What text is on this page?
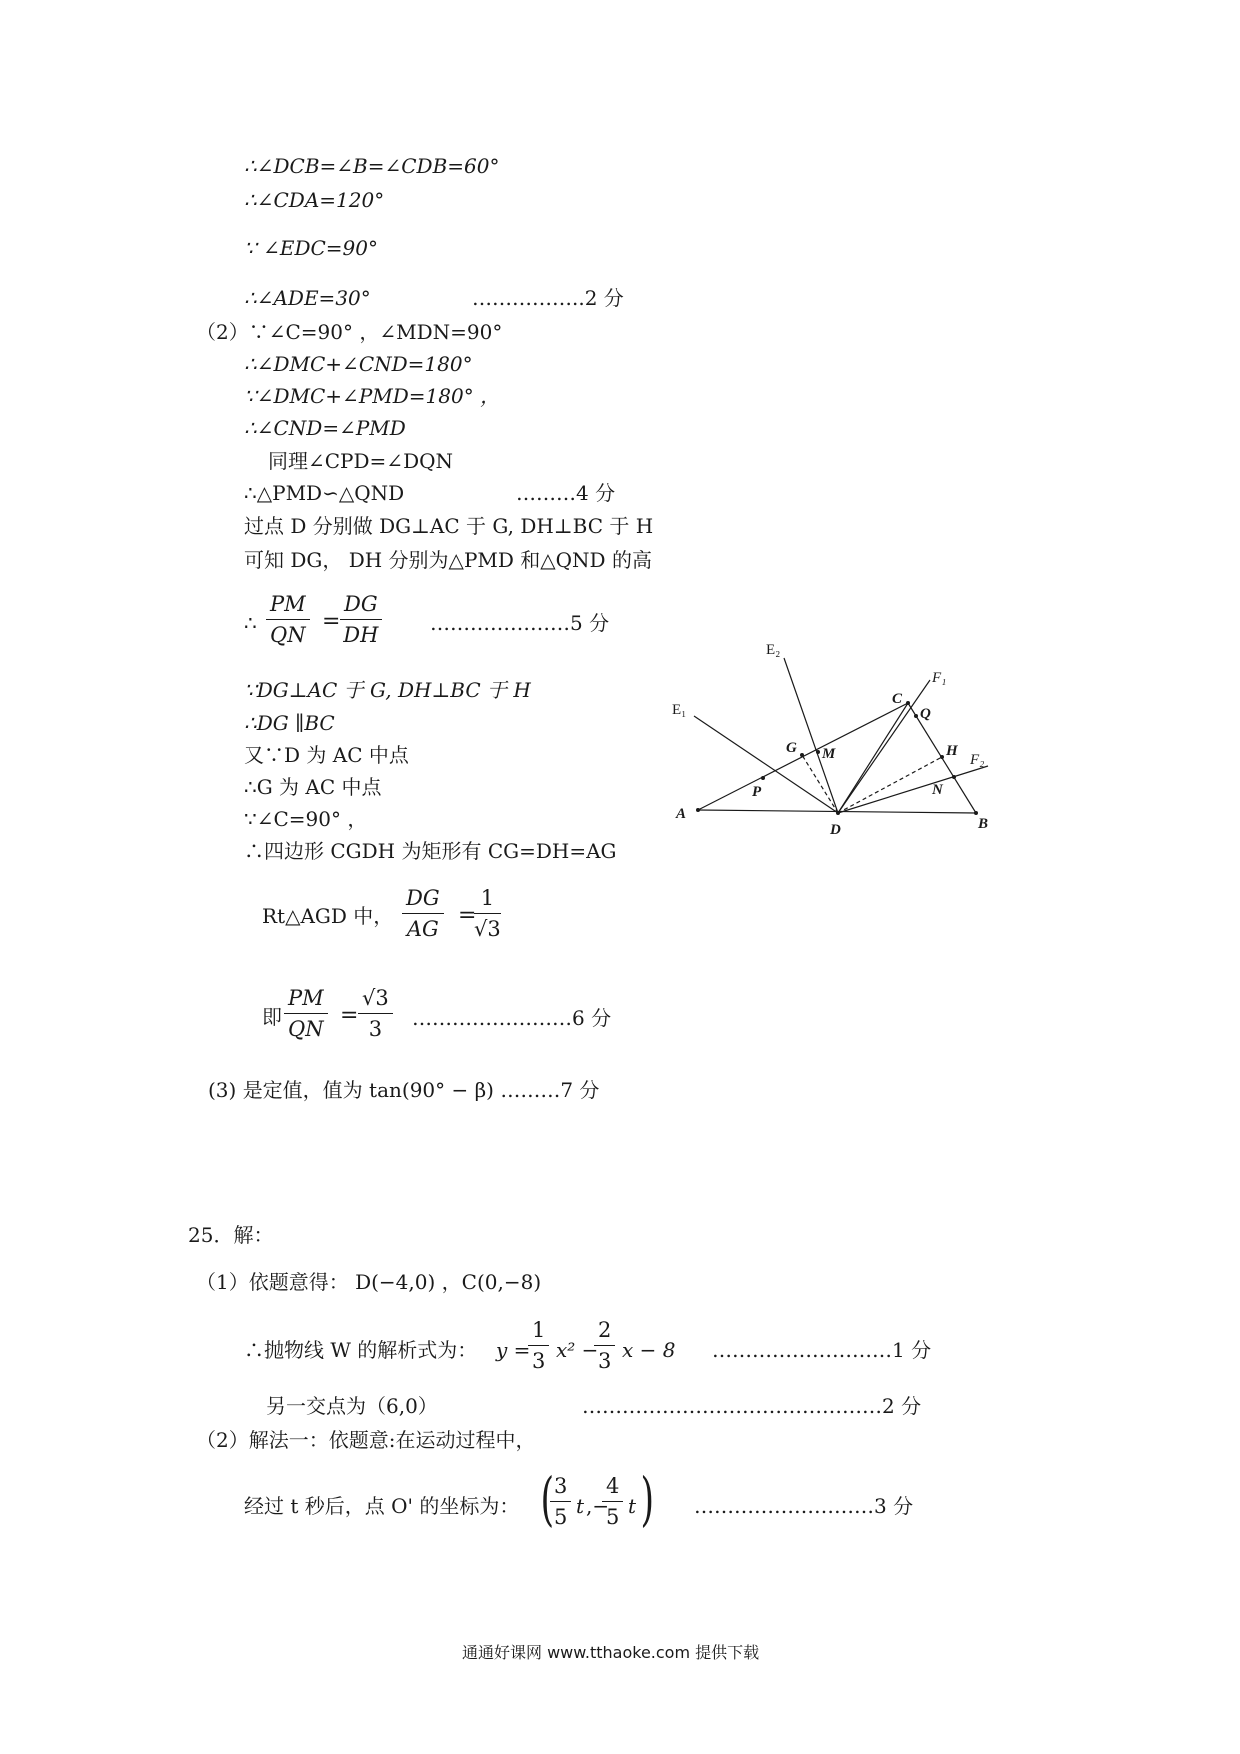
∴∠DCB=∠B=∠CDB=60°
∴∠CDA=120°
∵ ∠EDC=90°
∴∠ADE=30°	……………..2 分
（2）∵∠C=90° ，∠MDN=90°
∴∠DMC+∠CND=180°
∵∠DMC+∠PMD=180° ，
∴∠CND=∠PMD
同理∠CPD=∠DQN
∴△PMD∽△QND	………4 分
过点 D 分别做 DG⊥AC 于 G, DH⊥BC 于 H
可知 DG， DH 分别为△PMD 和△QND 的高
∴ $\frac{PM}{QN} = \frac{DG}{DH}$ …………………5 分
∵DG⊥AC 于 G, DH⊥BC 于 H
∴DG ∥BC
又∵D 为 AC 中点
∴G 为 AC 中点
∵∠C=90° ，
∴四边形 CGDH 为矩形有 CG=DH=AG
Rt△AGD 中， $\frac{DG}{AG}$ =
$\frac{1}{√3}$
即 $\frac{PM}{QN} = \frac{√3}{3}$ ……………………6 分
(3) 是定值，值为 tan(90° − β) ………7 分
25．解：
（1）依题意得： D(−4,0) ，C(0,−8)
∴抛物线 W 的解析式为： y =
$\frac{1}{3} x^2$ −
$\frac{2}{3}$ x − 8 ………………………1 分
另一交点为（6,0）	………………………………………2 分
（2）解法一：依题意:在运动过程中，
经过 t 秒后，点 O' 的坐标为： (
$\frac{3}{5}$ t ,−
$\frac{4}{5}$ t ) ………………………3 分
E₂
E₁
F₁
F₂
C
Q
G M	H
P	N
A
D	B
通通好课网 www.tthaoke.com 提供下载
